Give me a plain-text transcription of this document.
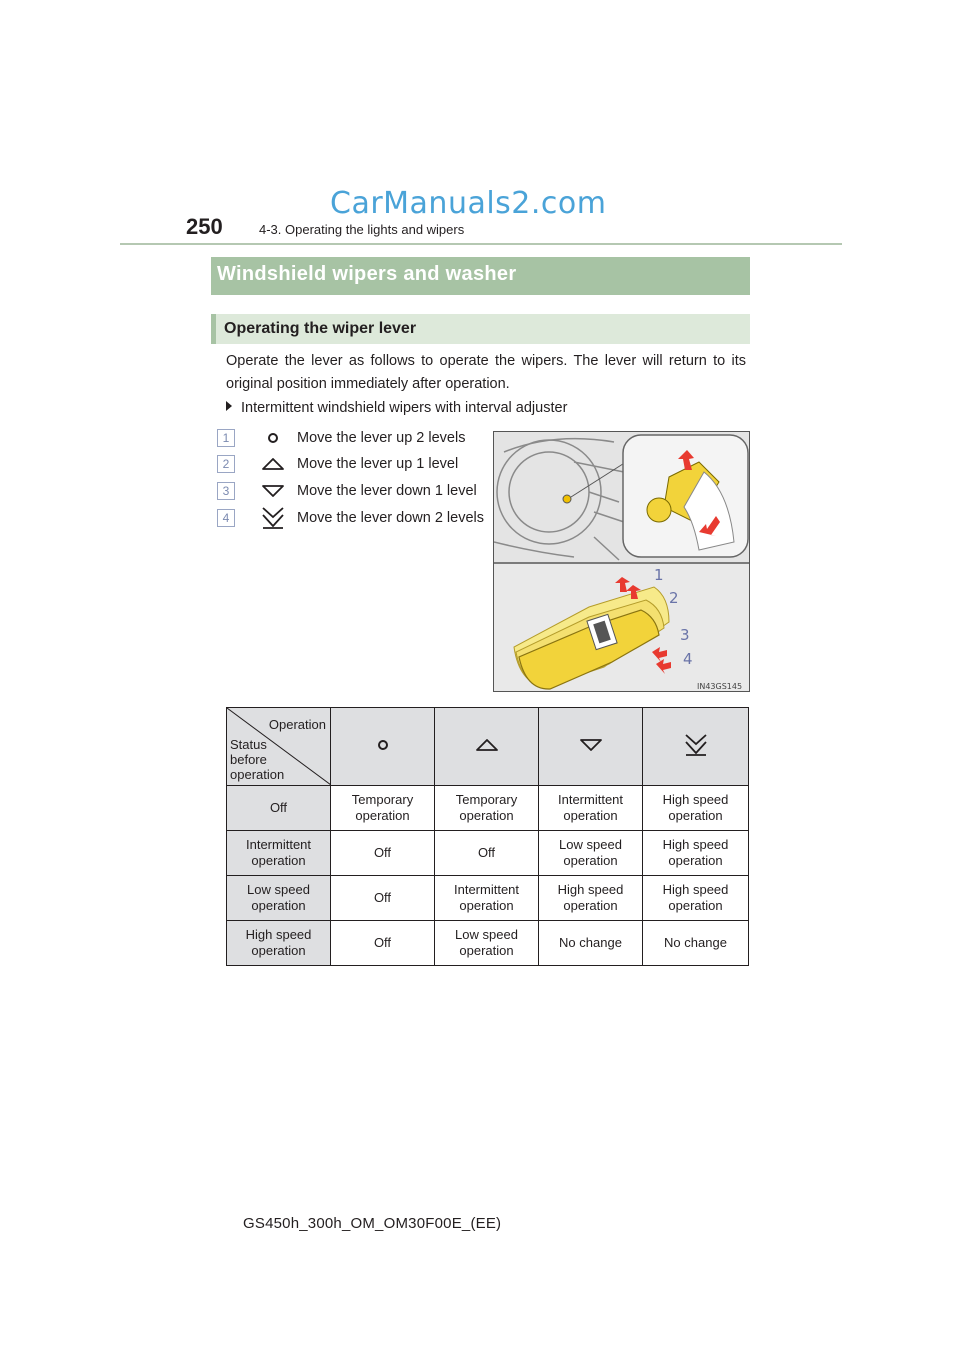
250	4-3. Operating the lights and wipers
CarManuals2.com
Windshield wipers and washer
Operating the wiper lever
Operate the lever as follows to operate the wipers. The lever will return to its original position immediately after operation.
Intermittent windshield wipers with interval adjuster
1	Move the lever up 2 levels
2	Move the lever up 1 level
3	Move the lever down 1 level
4	Move the lever down 2 levels
1
2
3
4
IN43GS145
Operation
Status before operation

Off	Temporary operation	Temporary operation	Intermittent operation	High speed operation
Intermittent operation	Off	Off	Low speed operation	High speed operation
Low speed operation	Off	Intermittent operation	High speed operation	High speed operation
High speed operation	Off	Low speed operation	No change	No change
GS450h_300h_OM_OM30F00E_(EE)
